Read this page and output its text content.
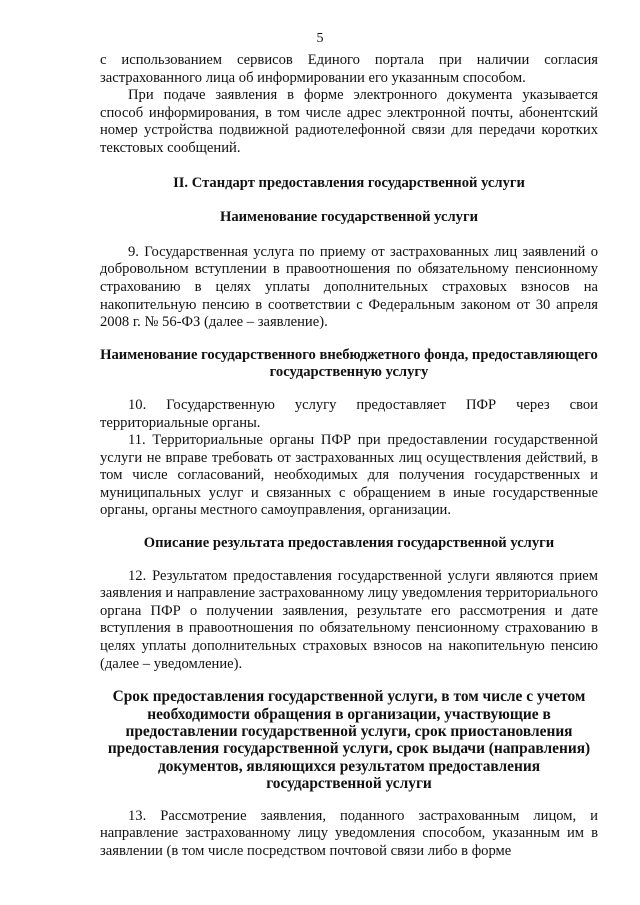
5

с использованием сервисов Единого портала при наличии согласия застрахованного лица об информировании его указанным способом.

При подаче заявления в форме электронного документа указывается способ информирования, в том числе адрес электронной почты, абонентский номер устройства подвижной радиотелефонной связи для передачи коротких текстовых сообщений.

II. Стандарт предоставления государственной услуги

Наименование государственной услуги

9. Государственная услуга по приему от застрахованных лиц заявлений о добровольном вступлении в правоотношения по обязательному пенсионному страхованию в целях уплаты дополнительных страховых взносов на накопительную пенсию в соответствии с Федеральным законом от 30 апреля 2008 г. № 56-ФЗ (далее – заявление).

Наименование государственного внебюджетного фонда, предоставляющего государственную услугу

10. Государственную услугу предоставляет ПФР через свои территориальные органы.

11. Территориальные органы ПФР при предоставлении государственной услуги не вправе требовать от застрахованных лиц осуществления действий, в том числе согласований, необходимых для получения государственных и муниципальных услуг и связанных с обращением в иные государственные органы, органы местного самоуправления, организации.

Описание результата предоставления государственной услуги

12. Результатом предоставления государственной услуги являются прием заявления и направление застрахованному лицу уведомления территориального органа ПФР о получении заявления, результате его рассмотрения и дате вступления в правоотношения по обязательному пенсионному страхованию в целях уплаты дополнительных страховых взносов на накопительную пенсию (далее – уведомление).

Срок предоставления государственной услуги, в том числе с учетом необходимости обращения в организации, участвующие в предоставлении государственной услуги, срок приостановления предоставления государственной услуги, срок выдачи (направления) документов, являющихся результатом предоставления государственной услуги

13. Рассмотрение заявления, поданного застрахованным лицом, и направление застрахованному лицу уведомления способом, указанным им в заявлении (в том числе посредством почтовой связи либо в форме
